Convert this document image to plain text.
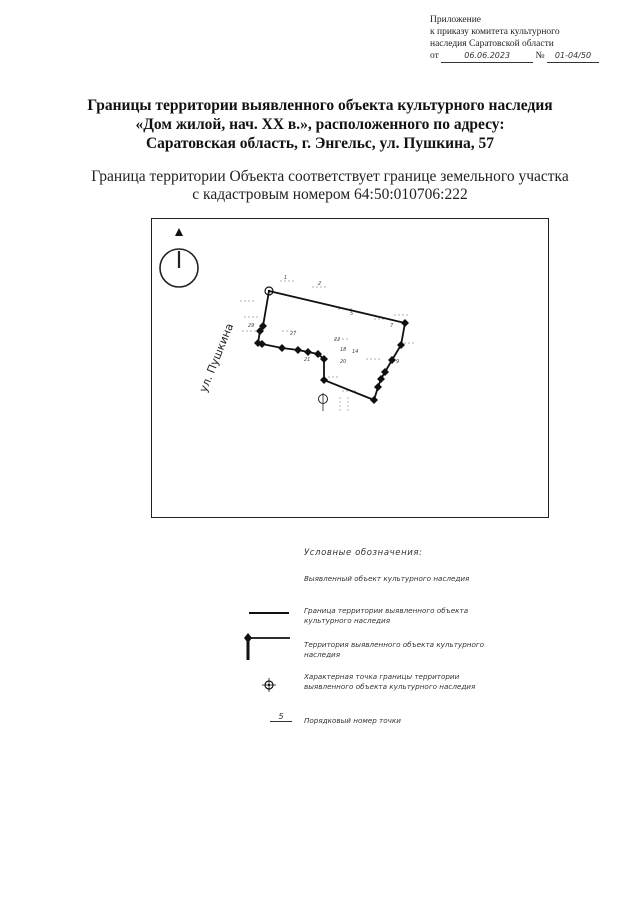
Приложение
к приказу комитета культурного
наследия Саратовской области
от	06.06.2023	№ 01-04/50
Границы территории выявленного объекта культурного наследия
«Дом жилой, нач. XX в.», расположенного по адресу:
Саратовская область, г. Энгельс, ул. Пушкина, 57
Граница территории Объекта соответствует границе земельного участка
с кадастровым номером 64:50:010706:222
ул. Пушкина
1
2
5
7
9
27
22
21	20
29
18 14
Условные обозначения:
Выявленный объект культурного наследия
Граница территории выявленного объекта культурного наследия
Территория выявленного объекта культурного наследия
Характерная точка границы территории выявленного объекта культурного наследия
5	Порядковый номер точки
